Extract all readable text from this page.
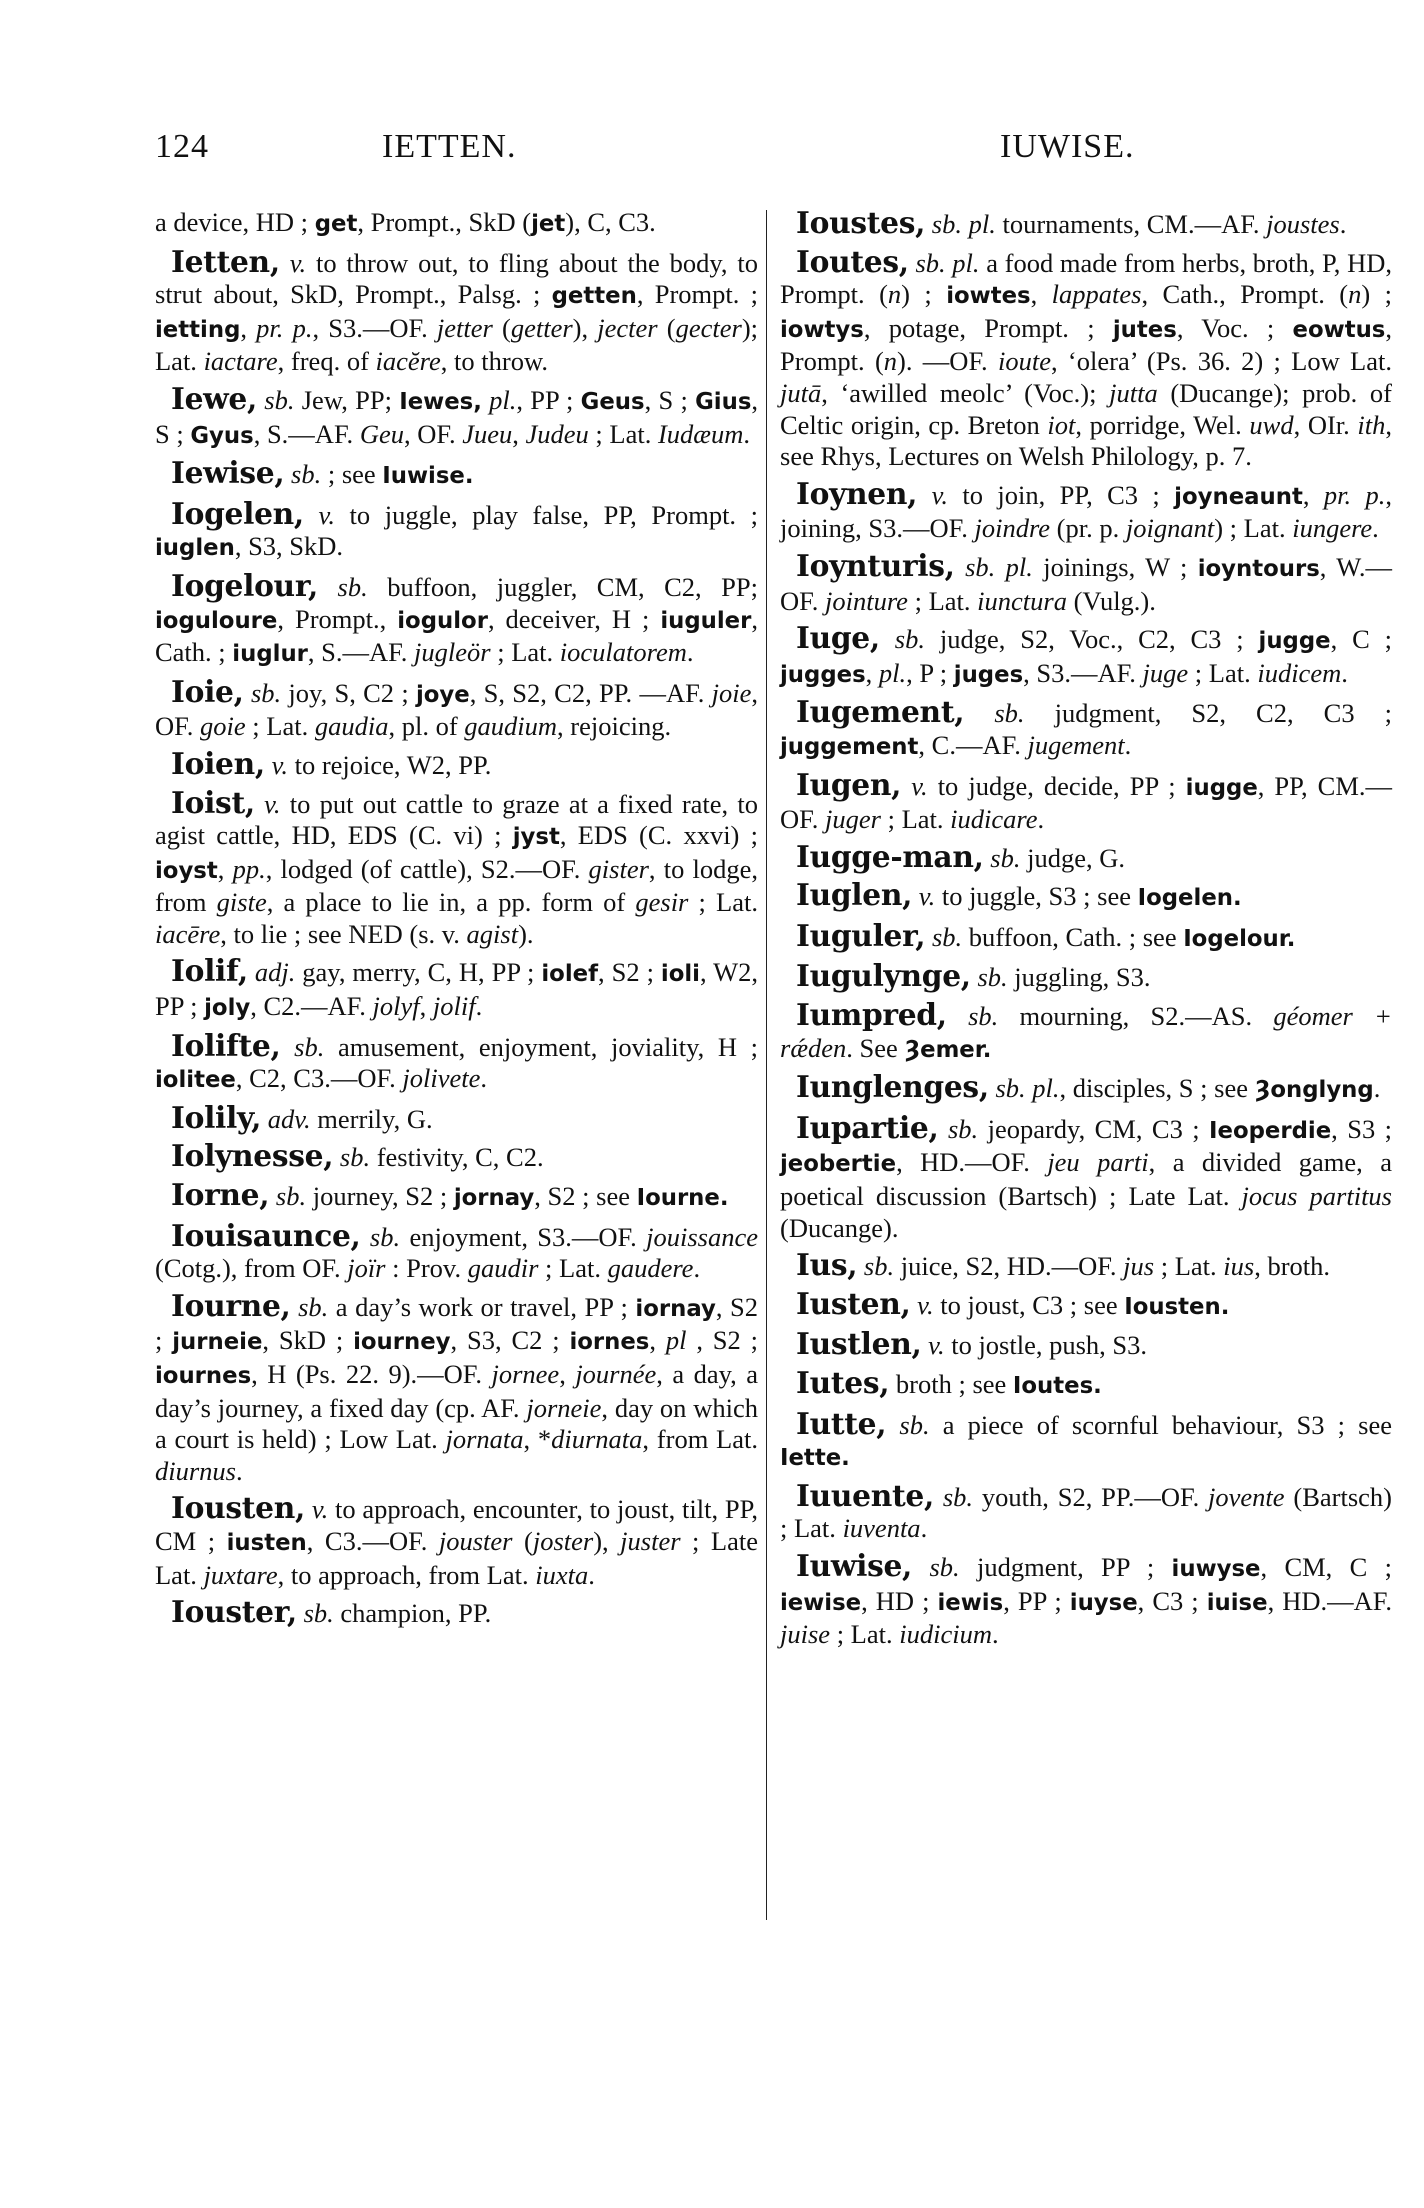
124	IETTEN.	IUWISE.

a device, HD ; get, Prompt., SkD (jet), C, C3.

Ietten, v. to throw out, to fling about the body, to strut about, SkD, Prompt., Palsg. ; getten, Prompt. ; ietting, pr. p., S3.—OF. jetter (getter), jecter (gecter); Lat. iactare, freq. of iacĕre, to throw.

Iewe, sb. Jew, PP; Iewes, pl., PP ; Geus, S ; Gius, S ; Gyus, S.—AF. Geu, OF. Jueu, Judeu ; Lat. Iudæum.

Iewise, sb. ; see Iuwise.

Iogelen, v. to juggle, play false, PP, Prompt. ; iuglen, S3, SkD.

Iogelour, sb. buffoon, juggler, CM, C2, PP; ioguloure, Prompt., iogulor, deceiver, H ; iuguler, Cath. ; iuglur, S.—AF. jugleör ; Lat. ioculatorem.

Ioie, sb. joy, S, C2 ; joye, S, S2, C2, PP. —AF. joie, OF. goie ; Lat. gaudia, pl. of gaudium, rejoicing.

Ioien, v. to rejoice, W2, PP.

Ioist, v. to put out cattle to graze at a fixed rate, to agist cattle, HD, EDS (C. vi) ; jyst, EDS (C. xxvi) ; ioyst, pp., lodged (of cattle), S2.—OF. gister, to lodge, from giste, a place to lie in, a pp. form of gesir ; Lat. iacēre, to lie ; see NED (s. v. agist).

Iolif, adj. gay, merry, C, H, PP ; iolef, S2 ; ioli, W2, PP ; joly, C2.—AF. jolyf, jolif.

Iolifte, sb. amusement, enjoyment, joviality, H ; iolitee, C2, C3.—OF. jolivete.

Iolily, adv. merrily, G.

Iolynesse, sb. festivity, C, C2.

Iorne, sb. journey, S2 ; jornay, S2 ; see Iourne.

Iouisaunce, sb. enjoyment, S3.—OF. jouissance (Cotg.), from OF. joïr : Prov. gaudir ; Lat. gaudere.

Iourne, sb. a day’s work or travel, PP ; iornay, S2 ; jurneie, SkD ; iourney, S3, C2 ; iornes, pl , S2 ; iournes, H (Ps. 22. 9).—OF. jornee, journée, a day, a day’s journey, a fixed day (cp. AF. jorneie, day on which a court is held) ; Low Lat. jornata, *diurnata, from Lat. diurnus.

Iousten, v. to approach, encounter, to joust, tilt, PP, CM ; iusten, C3.—OF. jouster (joster), juster ; Late Lat. juxtare, to approach, from Lat. iuxta.

Iouster, sb. champion, PP.

Ioustes, sb. pl. tournaments, CM.—AF. joustes.

Ioutes, sb. pl. a food made from herbs, broth, P, HD, Prompt. (n) ; iowtes, lappates, Cath., Prompt. (n) ; iowtys, potage, Prompt. ; jutes, Voc. ; eowtus, Prompt. (n). —OF. ioute, ‘olera’ (Ps. 36. 2) ; Low Lat. jutā, ‘awilled meolc’ (Voc.); jutta (Ducange); prob. of Celtic origin, cp. Breton iot, porridge, Wel. uwd, OIr. ith, see Rhys, Lectures on Welsh Philology, p. 7.

Ioynen, v. to join, PP, C3 ; joyneaunt, pr. p., joining, S3.—OF. joindre (pr. p. joignant) ; Lat. iungere.

Ioynturis, sb. pl. joinings, W ; ioyntours, W.—OF. jointure ; Lat. iunctura (Vulg.).

Iuge, sb. judge, S2, Voc., C2, C3 ; jugge, C ; jugges, pl., P ; juges, S3.—AF. juge ; Lat. iudicem.

Iugement, sb. judgment, S2, C2, C3 ; juggement, C.—AF. jugement.

Iugen, v. to judge, decide, PP ; iugge, PP, CM.—OF. juger ; Lat. iudicare.

Iugge-man, sb. judge, G.

Iuglen, v. to juggle, S3 ; see Iogelen.

Iuguler, sb. buffoon, Cath. ; see Iogelour.

Iugulynge, sb. juggling, S3.

Iumpred, sb. mourning, S2.—AS. géomer + rǽden. See Ȝemer.

Iunglenges, sb. pl., disciples, S ; see Ȝonglyng.

Iupartie, sb. jeopardy, CM, C3 ; Ieoperdie, S3 ; jeobertie, HD.—OF. jeu parti, a divided game, a poetical discussion (Bartsch) ; Late Lat. jocus partitus (Ducange).

Ius, sb. juice, S2, HD.—OF. jus ; Lat. ius, broth.

Iusten, v. to joust, C3 ; see Iousten.

Iustlen, v. to jostle, push, S3.

Iutes, broth ; see Ioutes.

Iutte, sb. a piece of scornful behaviour, S3 ; see Iette.

Iuuente, sb. youth, S2, PP.—OF. jovente (Bartsch) ; Lat. iuventa.

Iuwise, sb. judgment, PP ; iuwyse, CM, C ; iewise, HD ; iewis, PP ; iuyse, C3 ; iuise, HD.—AF. juise ; Lat. iudicium.
